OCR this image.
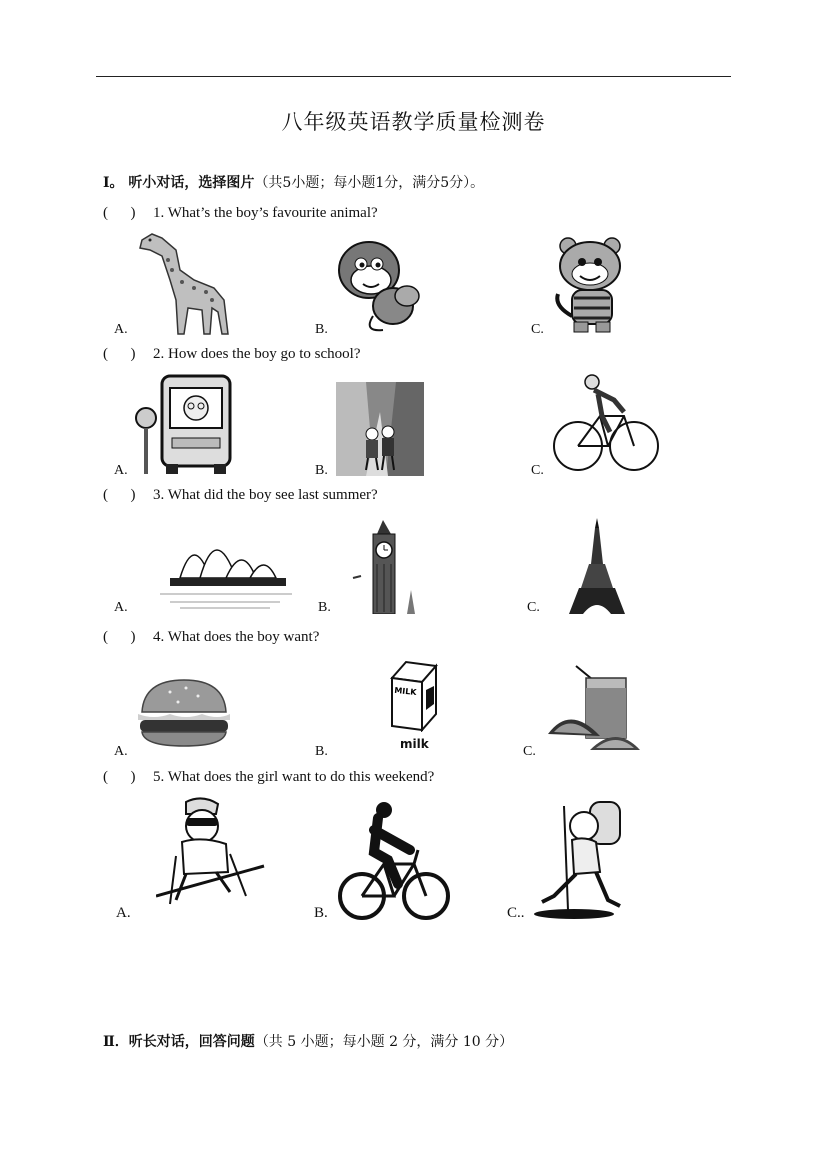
八年级英语教学质量检测卷
Ⅰ。 听小对话，选择图片（共5小题；每小题1分，满分5分）。
(      ) 1. What’s the boy’s favourite animal?
A.	B.	C.
(      ) 2. How does the boy go to school?
A.	B.	C.
(      ) 3. What did the boy see last summer?
A.	B.	C.
(      ) 4. What does the boy want?
A.	B.	C.
MILK
milk
(      ) 5. What does the girl want to do this weekend?
A.	B.	C..
Ⅱ．听长对话，回答问题（共 5 小题；每小题 2 分，满分 10 分）
